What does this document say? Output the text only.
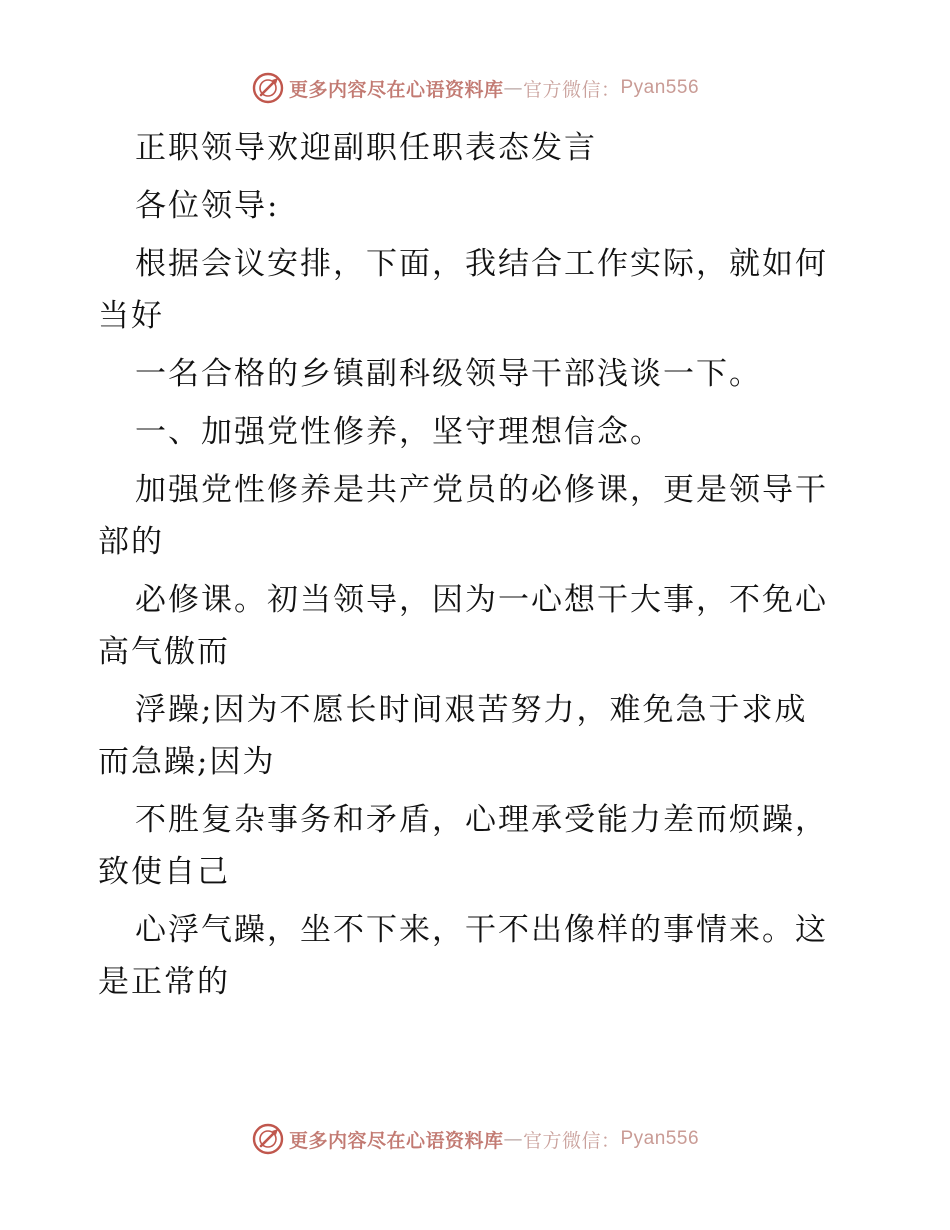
更多内容尽在心语资料库 — 官方微信： Pyan556

正职领导欢迎副职任职表态发言

各位领导:

根据会议安排，下面，我结合工作实际，就如何
当好

一名合格的乡镇副科级领导干部浅谈一下。

一、加强党性修养，坚守理想信念。

加强党性修养是共产党员的必修课，更是领导干
部的

必修课。初当领导，因为一心想干大事，不免心
高气傲而

浮躁;因为不愿长时间艰苦努力，难免急于求成
而急躁;因为

不胜复杂事务和矛盾，心理承受能力差而烦躁，
致使自己

心浮气躁，坐不下来，干不出像样的事情来。这
是正常的

更多内容尽在心语资料库 — 官方微信： Pyan556
